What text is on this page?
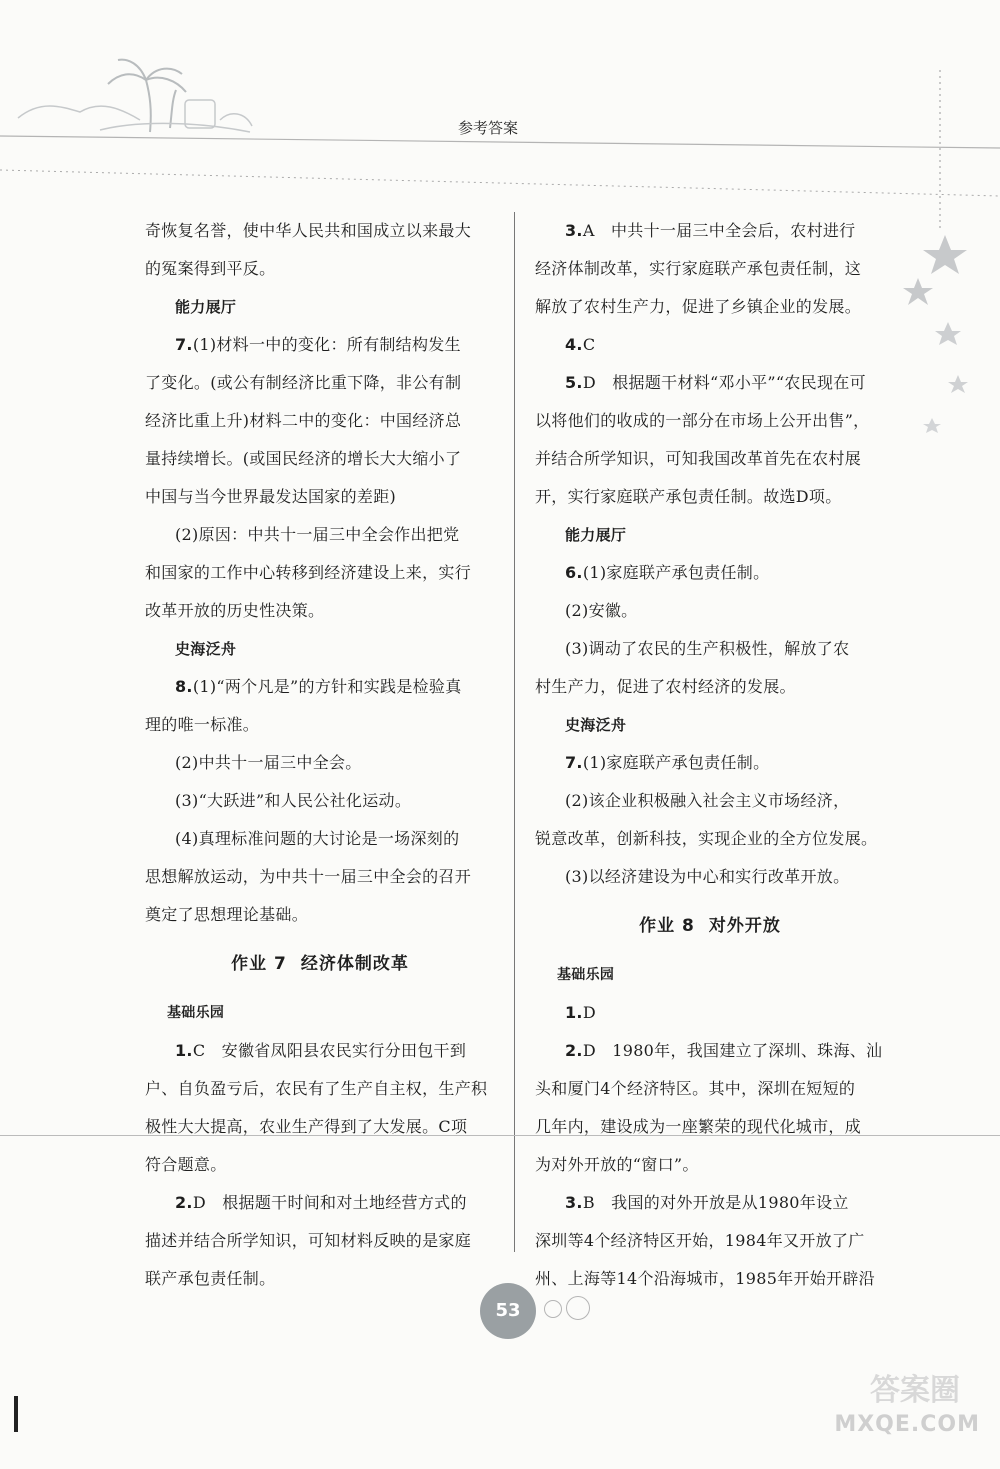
参考答案

奇恢复名誉，使中华人民共和国成立以来最大

的冤案得到平反。

能力展厅

7.(1)材料一中的变化：所有制结构发生

了变化。(或公有制经济比重下降，非公有制

经济比重上升)材料二中的变化：中国经济总

量持续增长。(或国民经济的增长大大缩小了

中国与当今世界最发达国家的差距)

(2)原因：中共十一届三中全会作出把党

和国家的工作中心转移到经济建设上来，实行

改革开放的历史性决策。

史海泛舟

8.(1)“两个凡是”的方针和实践是检验真

理的唯一标准。

(2)中共十一届三中全会。

(3)“大跃进”和人民公社化运动。

(4)真理标准问题的大讨论是一场深刻的

思想解放运动，为中共十一届三中全会的召开

奠定了思想理论基础。

作业 7 经济体制改革

基础乐园

1.C　安徽省凤阳县农民实行分田包干到

户、自负盈亏后，农民有了生产自主权，生产积

极性大大提高，农业生产得到了大发展。C项

符合题意。

2.D　根据题干时间和对土地经营方式的

描述并结合所学知识，可知材料反映的是家庭

联产承包责任制。

3.A　中共十一届三中全会后，农村进行

经济体制改革，实行家庭联产承包责任制，这

解放了农村生产力，促进了乡镇企业的发展。

4.C

5.D　根据题干材料“邓小平”“农民现在可

以将他们的收成的一部分在市场上公开出售”，

并结合所学知识，可知我国改革首先在农村展

开，实行家庭联产承包责任制。故选D项。

能力展厅

6.(1)家庭联产承包责任制。

(2)安徽。

(3)调动了农民的生产积极性，解放了农

村生产力，促进了农村经济的发展。

史海泛舟

7.(1)家庭联产承包责任制。

(2)该企业积极融入社会主义市场经济，

锐意改革，创新科技，实现企业的全方位发展。

(3)以经济建设为中心和实行改革开放。

作业 8 对外开放

基础乐园

1.D

2.D　1980年，我国建立了深圳、珠海、汕

头和厦门4个经济特区。其中，深圳在短短的

几年内，建设成为一座繁荣的现代化城市，成

为对外开放的“窗口”。

3.B　我国的对外开放是从1980年设立

深圳等4个经济特区开始，1984年又开放了广

州、上海等14个沿海城市，1985年开始开辟沿

53
答案圈
MXQE.COM
